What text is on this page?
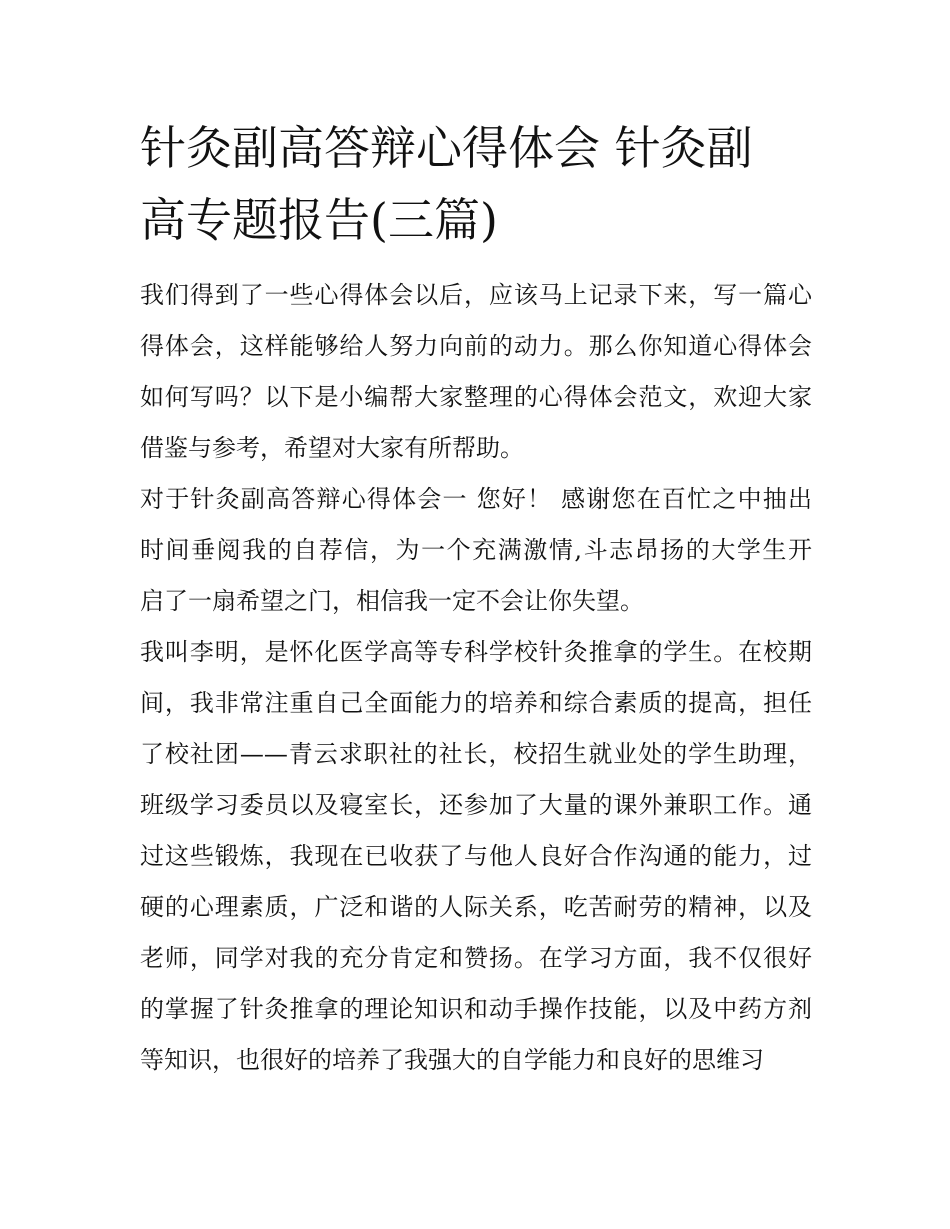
针灸副高答辩心得体会 针灸副
高专题报告(三篇)

我们得到了一些心得体会以后，应该马上记录下来，写一篇心
得体会，这样能够给人努力向前的动力。那么你知道心得体会
如何写吗？以下是小编帮大家整理的心得体会范文，欢迎大家
借鉴与参考，希望对大家有所帮助。

对于针灸副高答辩心得体会一 您好！ 感谢您在百忙之中抽出
时间垂阅我的自荐信，为一个充满激情,斗志昂扬的大学生开
启了一扇希望之门，相信我一定不会让你失望。

我叫李明，是怀化医学高等专科学校针灸推拿的学生。在校期
间，我非常注重自己全面能力的培养和综合素质的提高，担任
了校社团——青云求职社的社长，校招生就业处的学生助理，
班级学习委员以及寝室长，还参加了大量的课外兼职工作。通
过这些锻炼，我现在已收获了与他人良好合作沟通的能力，过
硬的心理素质，广泛和谐的人际关系，吃苦耐劳的精神，以及
老师，同学对我的充分肯定和赞扬。在学习方面，我不仅很好
的掌握了针灸推拿的理论知识和动手操作技能，以及中药方剂
等知识，也很好的培养了我强大的自学能力和良好的思维习
